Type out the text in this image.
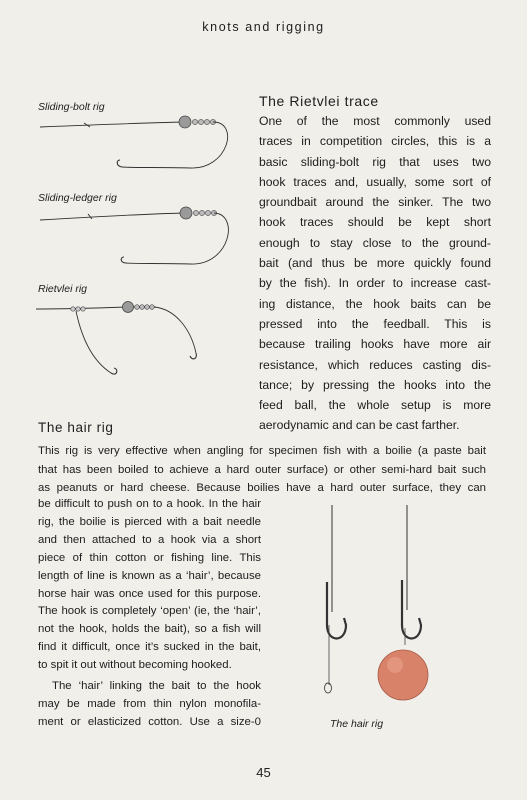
knots and rigging
Sliding-bolt rig
Sliding-ledger rig
Rietvlei rig
The Rietvlei trace
One of the most commonly used
traces in competition circles, this is a
basic sliding-bolt rig that uses two
hook traces and, usually, some sort of
groundbait around the sinker. The two
hook traces should be kept short
enough to stay close to the ground-
bait (and thus be more quickly found
by the fish). In order to increase cast-
ing distance, the hook baits can be
pressed into the feedball. This is
because trailing hooks have more air
resistance, which reduces casting dis-
tance; by pressing the hooks into the
feed ball, the whole setup is more
aerodynamic and can be cast farther.
The hair rig
This rig is very effective when angling for specimen fish with a boilie (a paste bait
that has been boiled to achieve a hard outer surface) or other semi-hard bait such
as peanuts or hard cheese. Because boilies have a hard outer surface, they can
be difficult to push on to a hook. In the hair
rig, the boilie is pierced with a bait needle
and then attached to a hook via a short
piece of thin cotton or fishing line. This
length of line is known as a ‘hair’, because
horse hair was once used for this purpose.
The hook is completely ‘open’ (ie, the ‘hair’,
not the hook, holds the bait), so a fish will
find it difficult, once it’s sucked in the bait,
to spit it out without becoming hooked.
The ‘hair’ linking the bait to the hook
may be made from thin nylon monofila-
ment or elasticized cotton. Use a size-0	The hair rig
45
